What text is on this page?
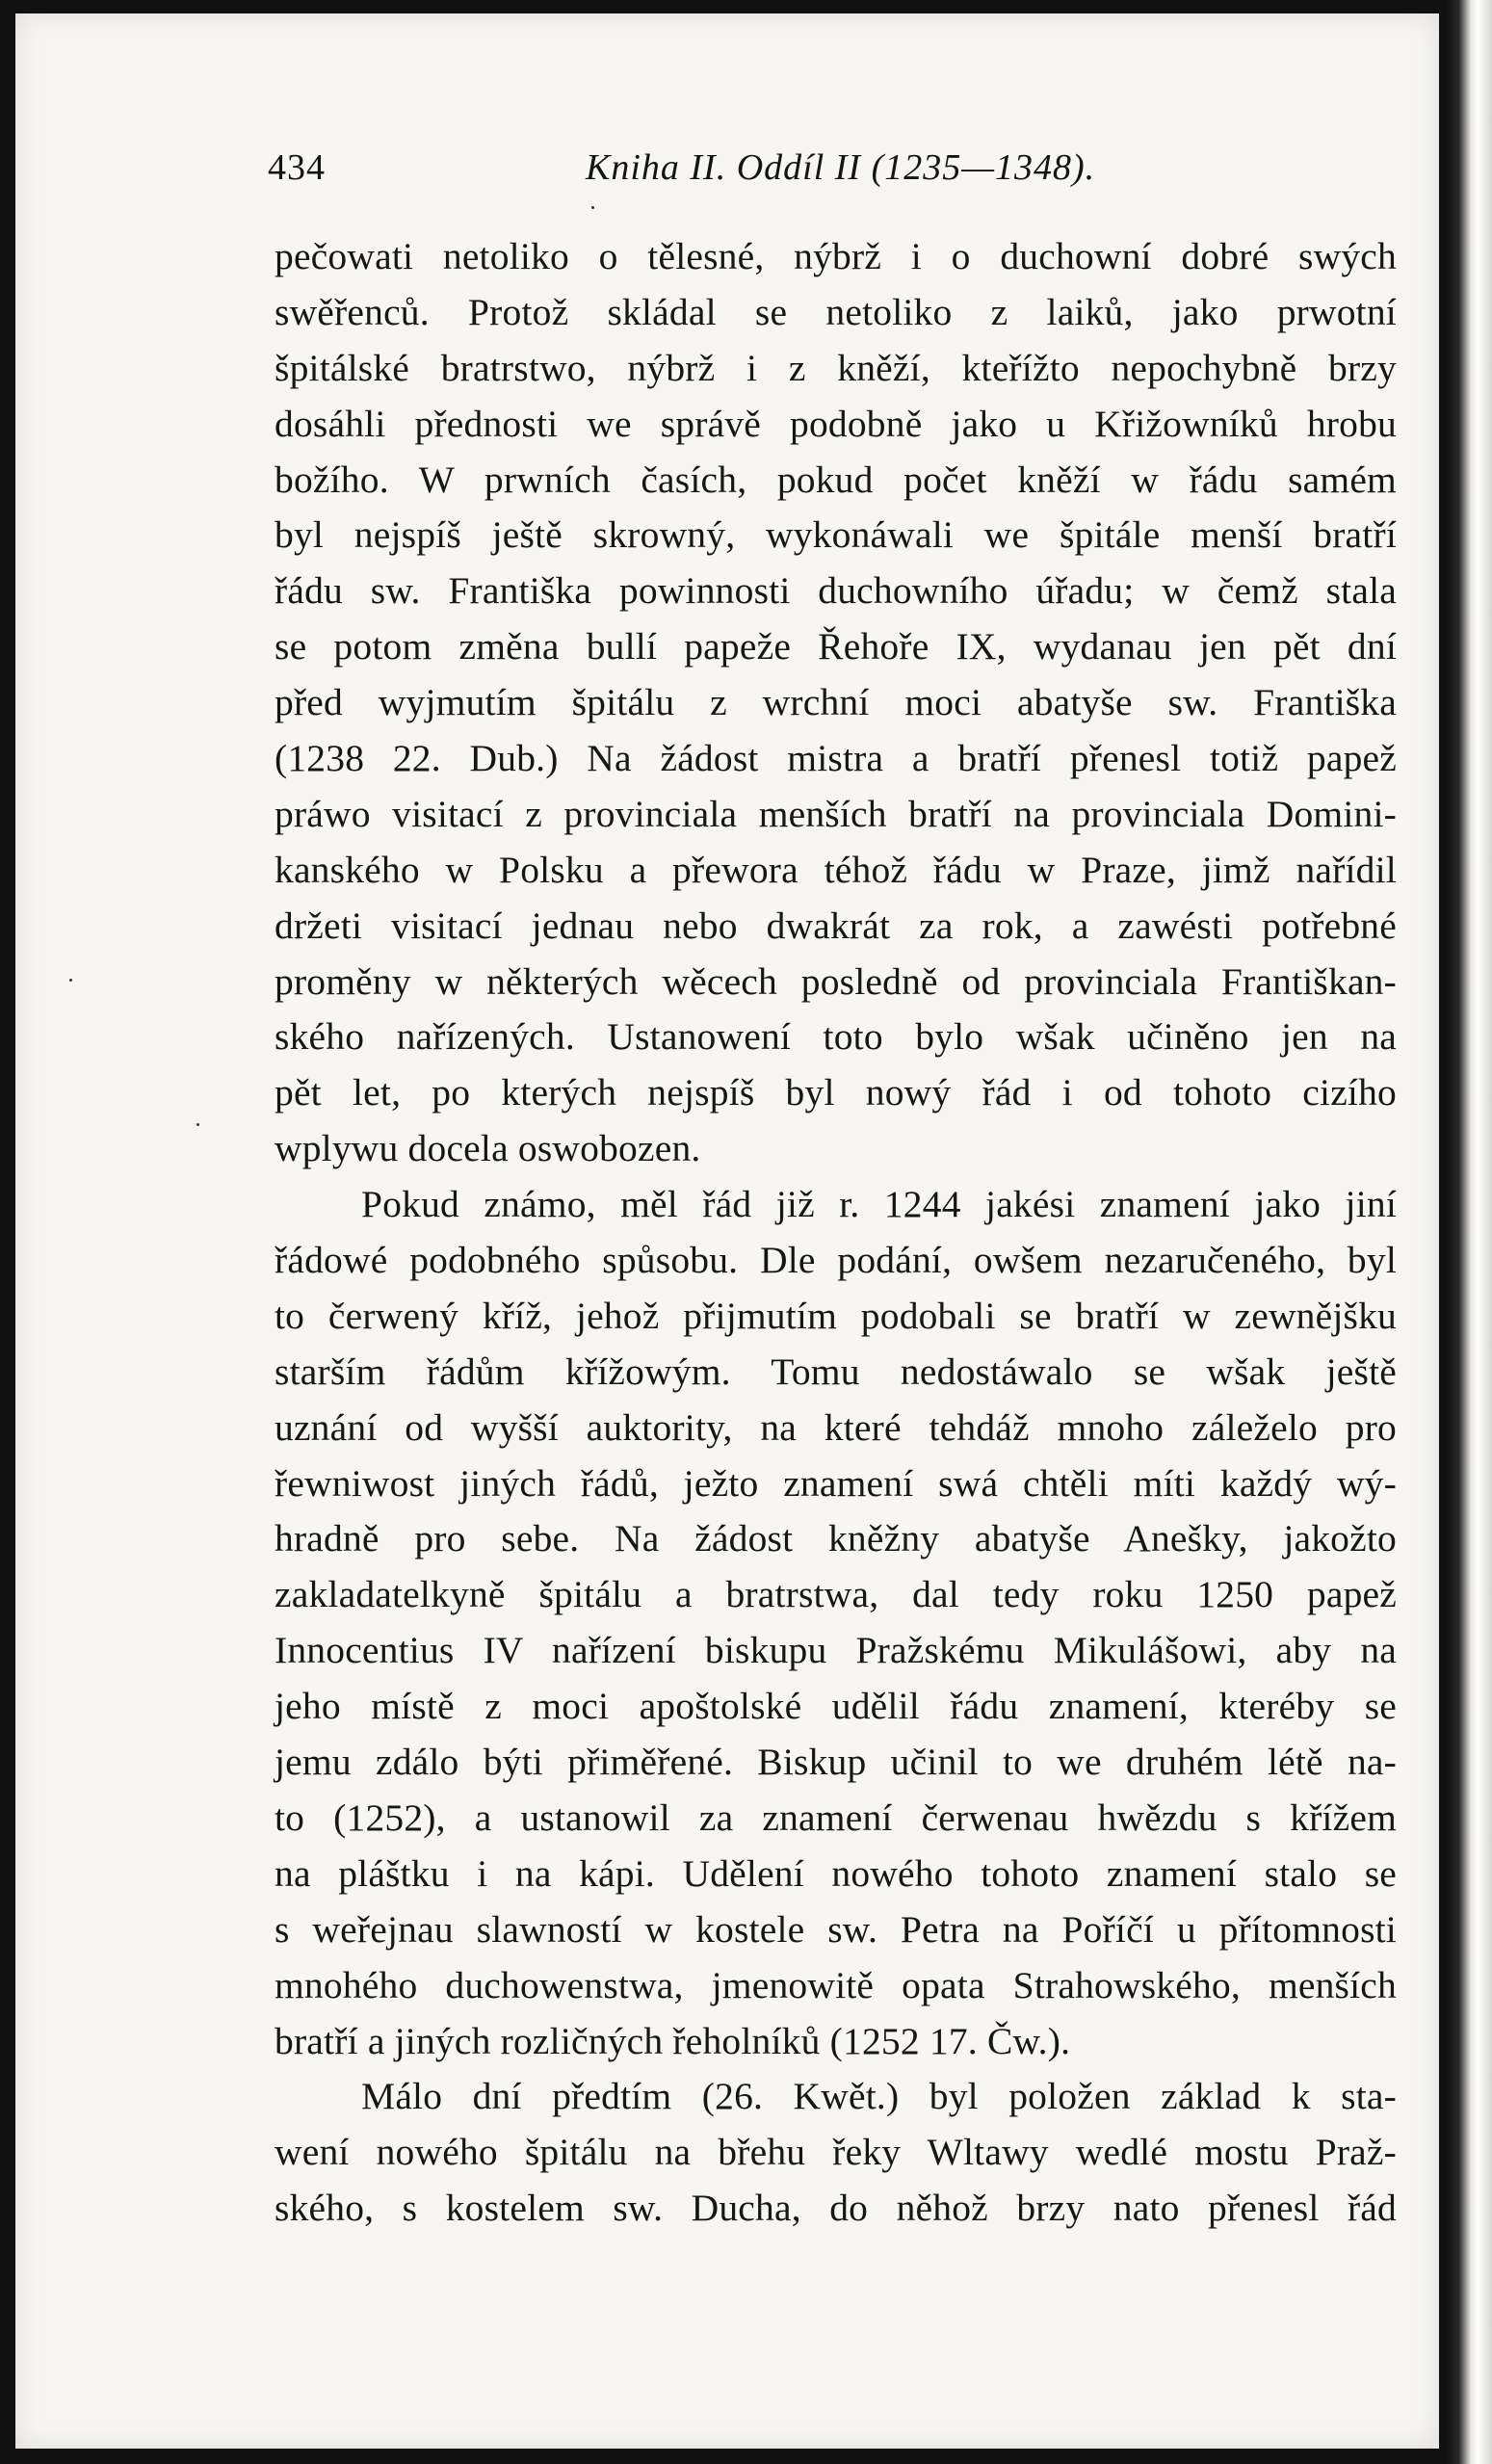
434	Kniha II. Oddíl II (1235—1348).
pečowati netoliko o tělesné, nýbrž i o duchowní dobré swých
swěřenců. Protož skládal se netoliko z laiků, jako prwotní
špitálské bratrstwo, nýbrž i z kněží, kteřížto nepochybně brzy
dosáhli přednosti we správě podobně jako u Křižowníků hrobu
božího. W prwních časích, pokud počet kněží w řádu samém
byl nejspíš ještě skrowný, wykonáwali we špitále menší bratří
řádu sw. Františka powinnosti duchowního úřadu; w čemž stala
se potom změna bullí papeže Řehoře IX, wydanau jen pět dní
před wyjmutím špitálu z wrchní moci abatyše sw. Františka
(1238 22. Dub.) Na žádost mistra a bratří přenesl totiž papež
práwo visitací z provinciala menších bratří na provinciala Domini-
kanského w Polsku a přewora téhož řádu w Praze, jimž nařídil
držeti visitací jednau nebo dwakrát za rok, a zawésti potřebné
proměny w některých wěcech posledně od provinciala Františkan-
ského nařízených. Ustanowení toto bylo wšak učiněno jen na
pět let, po kterých nejspíš byl nowý řád i od tohoto cizího
wplywu docela oswobozen.
Pokud známo, měl řád již r. 1244 jakési znamení jako jiní
řádowé podobného spůsobu. Dle podání, owšem nezaručeného, byl
to čerwený kříž, jehož přijmutím podobali se bratří w zewnějšku
starším řádům křížowým. Tomu nedostáwalo se wšak ještě
uznání od wyšší auktority, na které tehdáž mnoho záleželo pro
řewniwost jiných řádů, ježto znamení swá chtěli míti každý wý-
hradně pro sebe. Na žádost kněžny abatyše Anešky, jakožto
zakladatelkyně špitálu a bratrstwa, dal tedy roku 1250 papež
Innocentius IV nařízení biskupu Pražskému Mikulášowi, aby na
jeho místě z moci apoštolské udělil řádu znamení, kteréby se
jemu zdálo býti přiměřené. Biskup učinil to we druhém létě na-
to (1252), a ustanowil za znamení čerwenau hwězdu s křížem
na pláštku i na kápi. Udělení nowého tohoto znamení stalo se
s weřejnau slawností w kostele sw. Petra na Poříčí u přítomnosti
mnohého duchowenstwa, jmenowitě opata Strahowského, menších
bratří a jiných rozličných řeholníků (1252 17. Čw.).
Málo dní předtím (26. Kwět.) byl položen základ k sta-
wení nowého špitálu na břehu řeky Wltawy wedlé mostu Praž-
ského, s kostelem sw. Ducha, do něhož brzy nato přenesl řád
